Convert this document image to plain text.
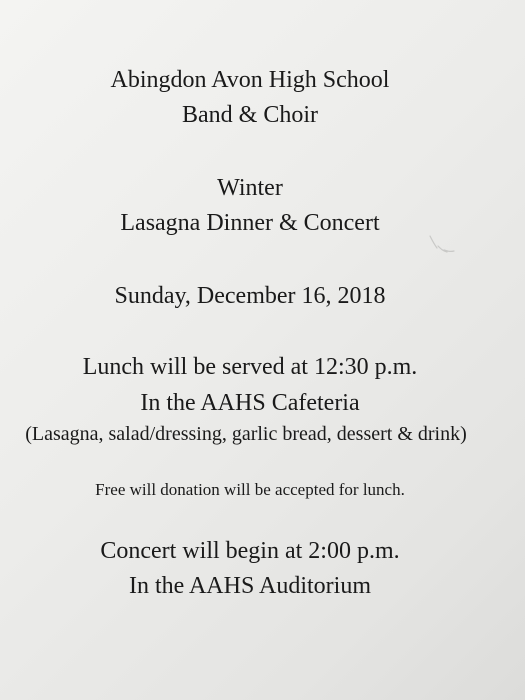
Abingdon Avon High School
Band & Choir
Winter
Lasagna Dinner & Concert
Sunday, December 16, 2018
Lunch will be served at 12:30 p.m.
In the AAHS Cafeteria
(Lasagna, salad/dressing, garlic bread, dessert & drink)
Free will donation will be accepted for lunch.
Concert will begin at 2:00 p.m.
In the AAHS Auditorium
